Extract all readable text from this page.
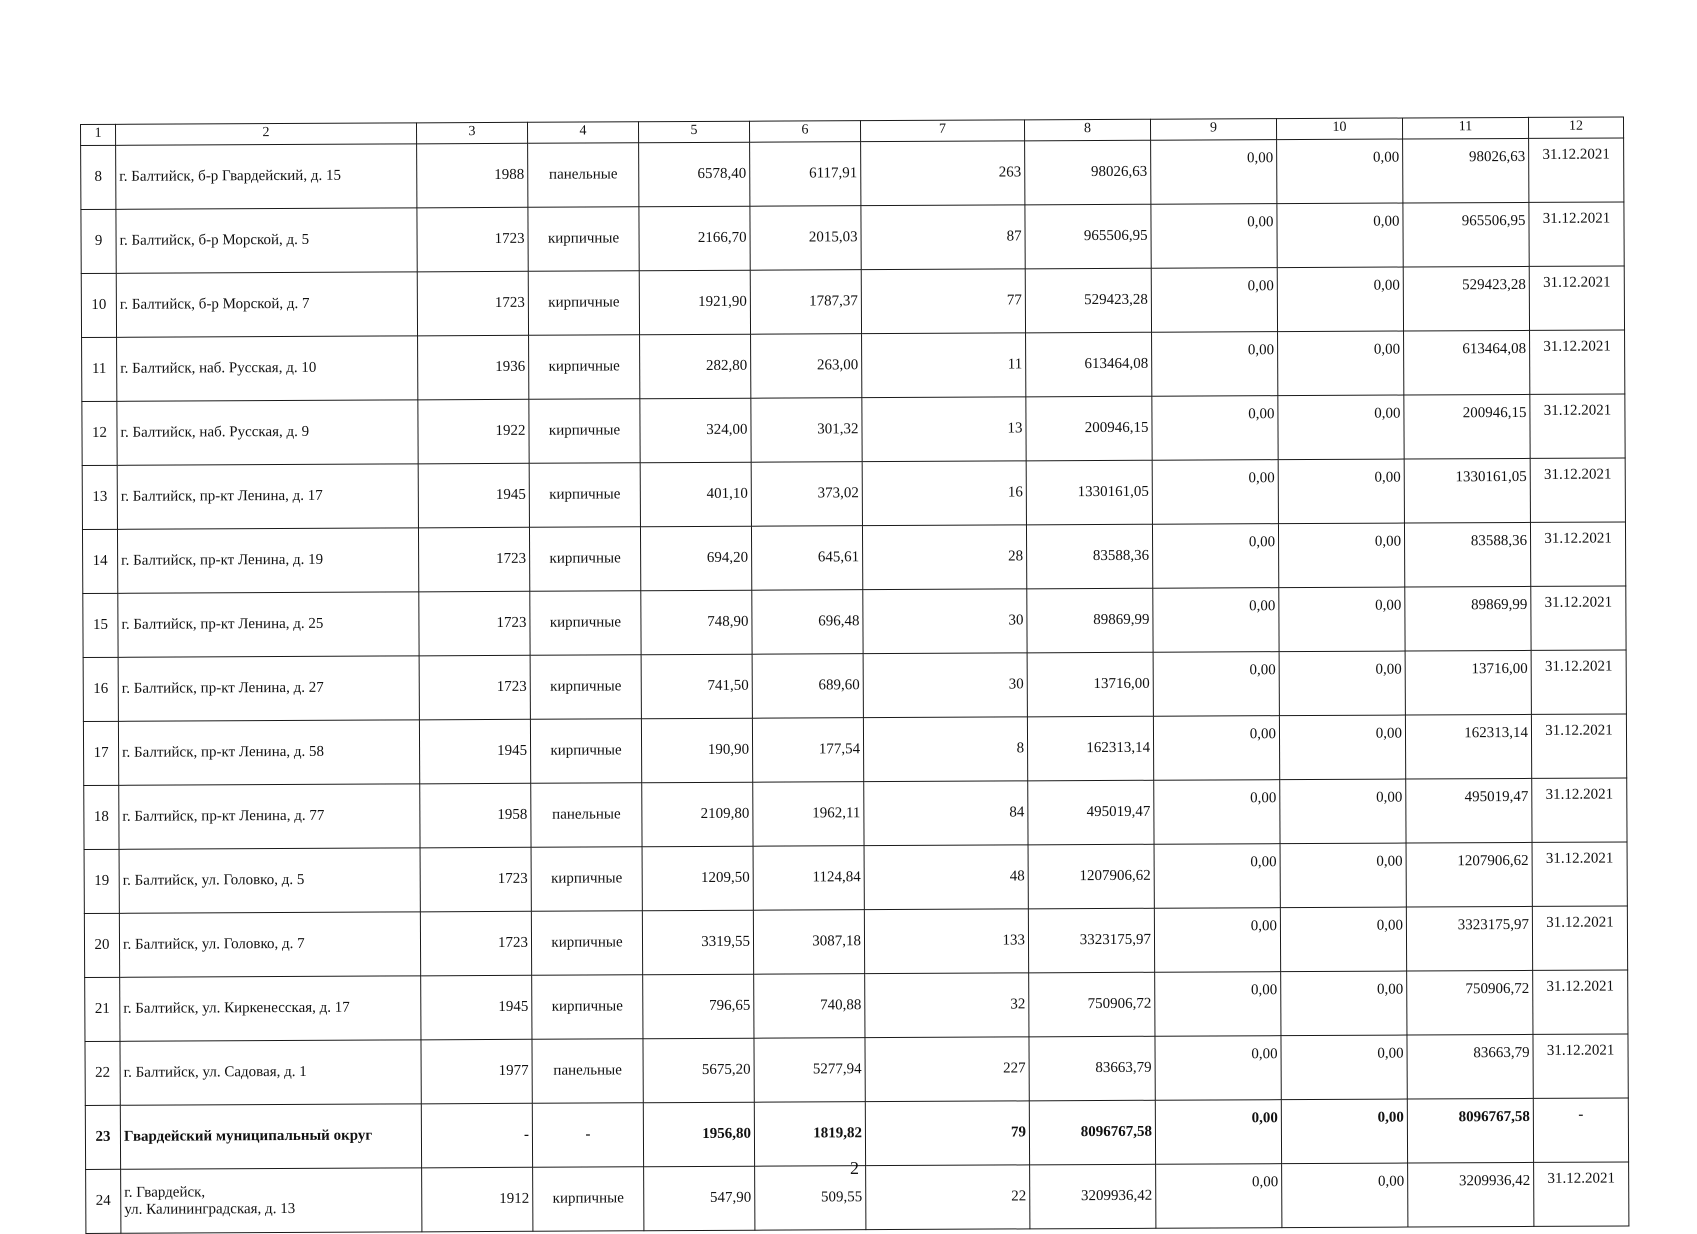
1	2	3	4	5	6	7	8	9	10	11	12
8	г. Балтийск, б-р Гвардейский, д. 15	1988	панельные	6578,40	6117,91	263	98026,63	0,00	0,00	98026,63	31.12.2021
9	г. Балтийск, б-р Морской, д. 5	1723	кирпичные	2166,70	2015,03	87	965506,95	0,00	0,00	965506,95	31.12.2021
10	г. Балтийск, б-р Морской, д. 7	1723	кирпичные	1921,90	1787,37	77	529423,28	0,00	0,00	529423,28	31.12.2021
11	г. Балтийск, наб. Русская, д. 10	1936	кирпичные	282,80	263,00	11	613464,08	0,00	0,00	613464,08	31.12.2021
12	г. Балтийск, наб. Русская, д. 9	1922	кирпичные	324,00	301,32	13	200946,15	0,00	0,00	200946,15	31.12.2021
13	г. Балтийск, пр-кт Ленина, д. 17	1945	кирпичные	401,10	373,02	16	1330161,05	0,00	0,00	1330161,05	31.12.2021
14	г. Балтийск, пр-кт Ленина, д. 19	1723	кирпичные	694,20	645,61	28	83588,36	0,00	0,00	83588,36	31.12.2021
15	г. Балтийск, пр-кт Ленина, д. 25	1723	кирпичные	748,90	696,48	30	89869,99	0,00	0,00	89869,99	31.12.2021
16	г. Балтийск, пр-кт Ленина, д. 27	1723	кирпичные	741,50	689,60	30	13716,00	0,00	0,00	13716,00	31.12.2021
17	г. Балтийск, пр-кт Ленина, д. 58	1945	кирпичные	190,90	177,54	8	162313,14	0,00	0,00	162313,14	31.12.2021
18	г. Балтийск, пр-кт Ленина, д. 77	1958	панельные	2109,80	1962,11	84	495019,47	0,00	0,00	495019,47	31.12.2021
19	г. Балтийск, ул. Головко, д. 5	1723	кирпичные	1209,50	1124,84	48	1207906,62	0,00	0,00	1207906,62	31.12.2021
20	г. Балтийск, ул. Головко, д. 7	1723	кирпичные	3319,55	3087,18	133	3323175,97	0,00	0,00	3323175,97	31.12.2021
21	г. Балтийск, ул. Киркенесская, д. 17	1945	кирпичные	796,65	740,88	32	750906,72	0,00	0,00	750906,72	31.12.2021
22	г. Балтийск, ул. Садовая, д. 1	1977	панельные	5675,20	5277,94	227	83663,79	0,00	0,00	83663,79	31.12.2021
23	Гвардейский муниципальный округ	-	-	1956,80	1819,82	79	8096767,58	0,00	0,00	8096767,58	-
24	г. Гвардейск,
ул. Калининградская, д. 13	1912	кирпичные	547,90	509,55	22	3209936,42	0,00	0,00	3209936,42	31.12.2021
2
